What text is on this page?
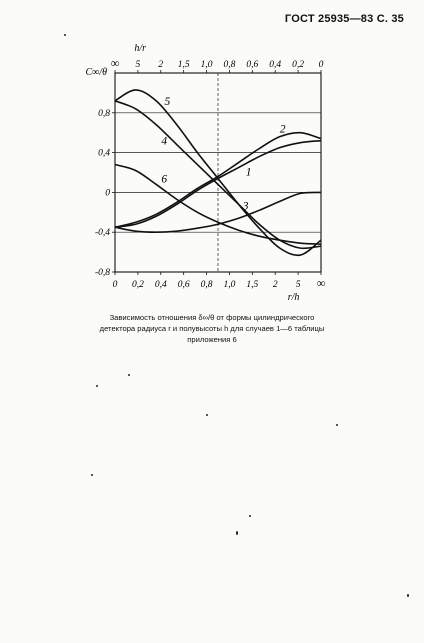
ГОСТ 25935—83 С. 35
0,8
0,4
0
-0,4
-0,8
0 0,2 0,4 0,6 0,8 1,0 1,5 2 5 ∞
∞ 5 2 1,5 1,0 0,8 0,6 0,4 0,2 0
C∞/θ
h/r
r/h
1
2
3
4
5
6
Зависимость отношения δ∞/θ от формы цилиндрического
детектора радиуса r и полувысоты h для случаев 1—6 таблицы
приложения 6
